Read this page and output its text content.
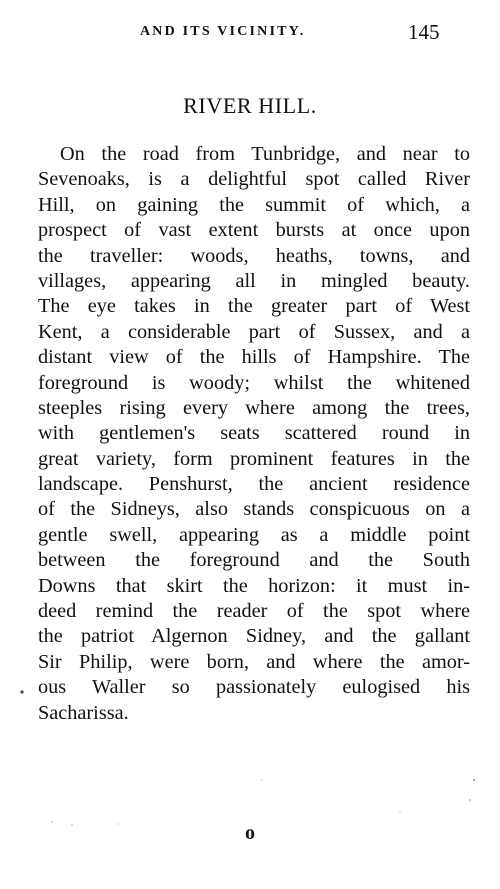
AND ITS VICINITY.	145
RIVER HILL.
On the road from Tunbridge, and near to
Sevenoaks, is a delightful spot called River
Hill, on gaining the summit of which, a
prospect of vast extent bursts at once upon
the traveller: woods, heaths, towns, and
villages, appearing all in mingled beauty.
The eye takes in the greater part of West
Kent, a considerable part of Sussex, and a
distant view of the hills of Hampshire. The
foreground is woody; whilst the whitened
steeples rising every where among the trees,
with gentlemen's seats scattered round in
great variety, form prominent features in the
landscape. Penshurst, the ancient residence
of the Sidneys, also stands conspicuous on a
gentle swell, appearing as a middle point
between the foreground and the South
Downs that skirt the horizon: it must in-
deed remind the reader of the spot where
the patriot Algernon Sidney, and the gallant
Sir Philip, were born, and where the amor-
ous Waller so passionately eulogised his
Sacharissa.
o
